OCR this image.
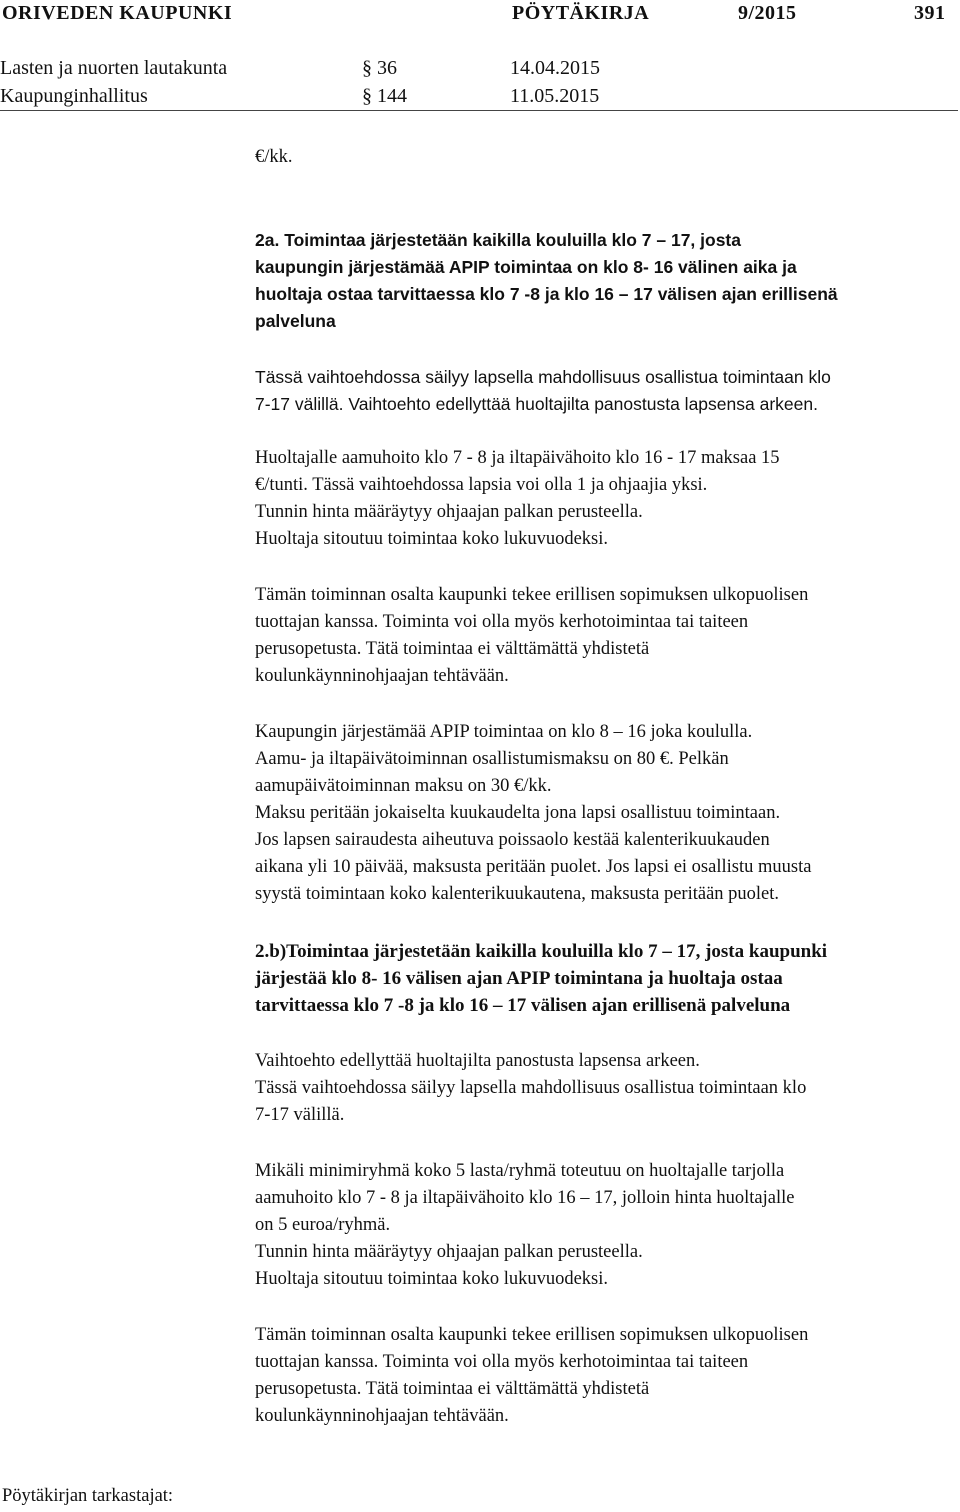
ORIVEDEN KAUPUNKI	PÖYTÄKIRJA	9/2015	391
Lasten ja nuorten lautakunta	§ 36	14.04.2015
Kaupunginhallitus	§ 144	11.05.2015
€/kk.
2a. Toimintaa järjestetään kaikilla kouluilla klo 7 – 17, josta
kaupungin järjestämää APIP toimintaa on klo 8- 16 välinen aika ja
huoltaja ostaa tarvittaessa klo 7 -8 ja klo 16 – 17 välisen ajan erillisenä
palveluna
Tässä vaihtoehdossa säilyy lapsella mahdollisuus osallistua toimintaan klo
7-17 välillä. Vaihtoehto edellyttää huoltajilta panostusta lapsensa arkeen.
Huoltajalle aamuhoito klo 7 - 8 ja iltapäivähoito klo 16 - 17 maksaa 15
€/tunti. Tässä vaihtoehdossa lapsia voi olla 1 ja ohjaajia yksi.
Tunnin hinta määräytyy ohjaajan palkan perusteella.
Huoltaja sitoutuu toimintaa koko lukuvuodeksi.
Tämän toiminnan osalta kaupunki tekee erillisen sopimuksen ulkopuolisen
tuottajan kanssa. Toiminta voi olla myös kerhotoimintaa tai taiteen
perusopetusta. Tätä toimintaa ei välttämättä yhdistetä
koulunkäynninohjaajan tehtävään.
Kaupungin järjestämää APIP toimintaa on klo 8 – 16 joka koululla.
Aamu- ja iltapäivätoiminnan osallistumismaksu on 80 €. Pelkän
aamupäivätoiminnan maksu on 30 €/kk.
Maksu peritään jokaiselta kuukaudelta jona lapsi osallistuu toimintaan.
Jos lapsen sairaudesta aiheutuva poissaolo kestää kalenterikuukauden
aikana yli 10 päivää, maksusta peritään puolet. Jos lapsi ei osallistu muusta
syystä toimintaan koko kalenterikuukautena, maksusta peritään puolet.
2.b)Toimintaa järjestetään kaikilla kouluilla klo 7 – 17, josta kaupunki
järjestää klo 8- 16 välisen ajan APIP toimintana ja huoltaja ostaa
tarvittaessa klo 7 -8 ja klo 16 – 17 välisen ajan erillisenä palveluna
Vaihtoehto edellyttää huoltajilta panostusta lapsensa arkeen.
Tässä vaihtoehdossa säilyy lapsella mahdollisuus osallistua toimintaan klo
7-17 välillä.
Mikäli minimiryhmä koko 5 lasta/ryhmä toteutuu on huoltajalle tarjolla
aamuhoito klo 7 - 8 ja iltapäivähoito klo 16 – 17, jolloin hinta huoltajalle
on 5 euroa/ryhmä.
Tunnin hinta määräytyy ohjaajan palkan perusteella.
Huoltaja sitoutuu toimintaa koko lukuvuodeksi.
Tämän toiminnan osalta kaupunki tekee erillisen sopimuksen ulkopuolisen
tuottajan kanssa. Toiminta voi olla myös kerhotoimintaa tai taiteen
perusopetusta. Tätä toimintaa ei välttämättä yhdistetä
koulunkäynninohjaajan tehtävään.
Pöytäkirjan tarkastajat:
